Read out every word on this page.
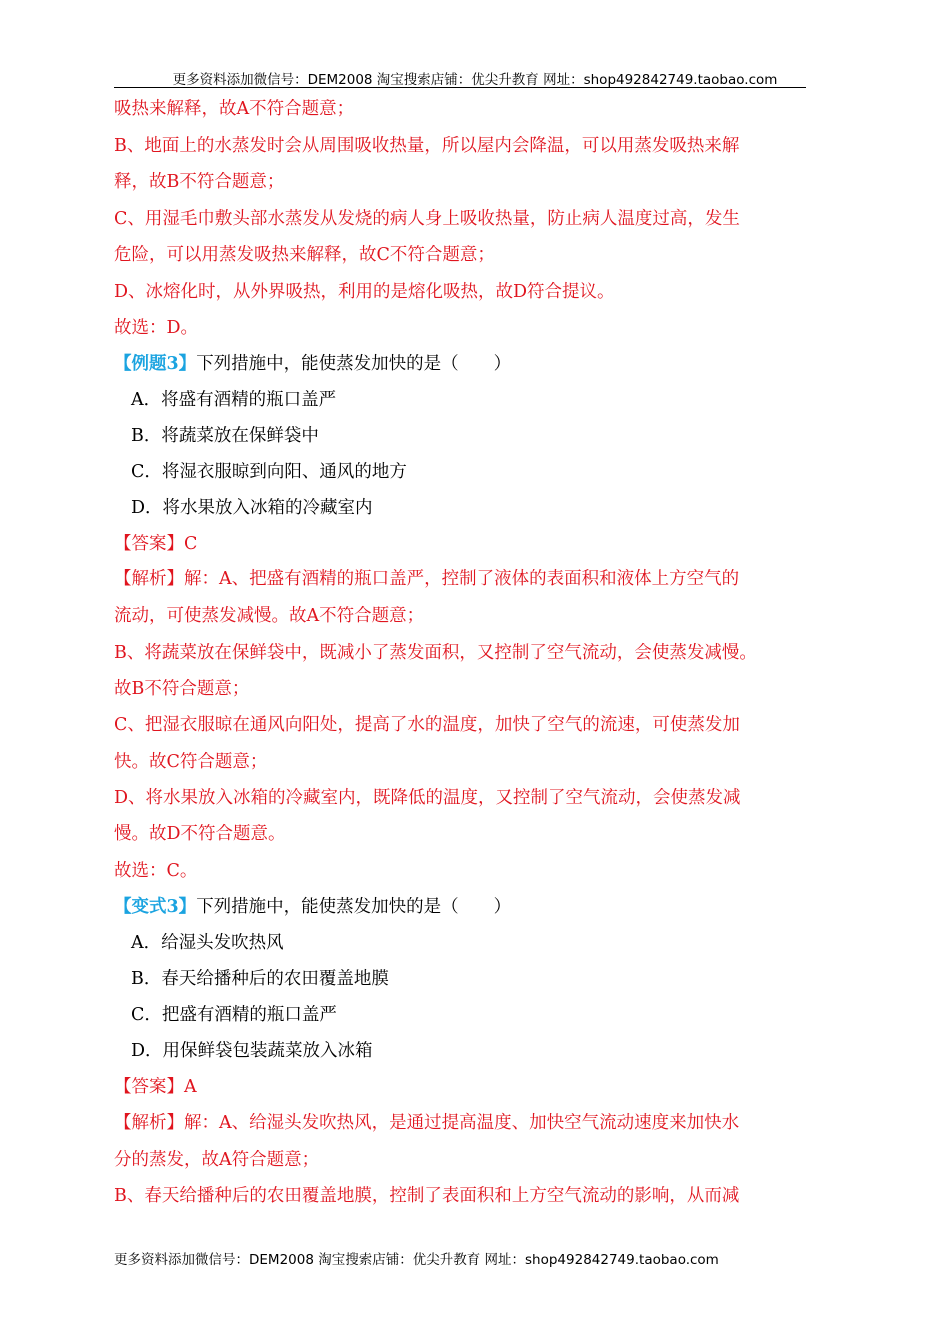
更多资料添加微信号：DEM2008 淘宝搜索店铺：优尖升教育 网址：shop492842749.taobao.com
吸热来解释，故A不符合题意；
B、地面上的水蒸发时会从周围吸收热量，所以屋内会降温，可以用蒸发吸热来解
释，故B不符合题意；
C、用湿毛巾敷头部水蒸发从发烧的病人身上吸收热量，防止病人温度过高，发生
危险，可以用蒸发吸热来解释，故C不符合题意；
D、冰熔化时，从外界吸热，利用的是熔化吸热，故D符合提议。
故选：D。
【例题3】下列措施中，能使蒸发加快的是（　　）
A．将盛有酒精的瓶口盖严
B．将蔬菜放在保鲜袋中
C．将湿衣服晾到向阳、通风的地方
D．将水果放入冰箱的冷藏室内
【答案】C
【解析】解：A、把盛有酒精的瓶口盖严，控制了液体的表面积和液体上方空气的
流动，可使蒸发减慢。故A不符合题意；
B、将蔬菜放在保鲜袋中，既减小了蒸发面积，又控制了空气流动，会使蒸发减慢。
故B不符合题意；
C、把湿衣服晾在通风向阳处，提高了水的温度，加快了空气的流速，可使蒸发加
快。故C符合题意；
D、将水果放入冰箱的冷藏室内，既降低的温度，又控制了空气流动，会使蒸发减
慢。故D不符合题意。
故选：C。
【变式3】下列措施中，能使蒸发加快的是（　　）
A．给湿头发吹热风
B．春天给播种后的农田覆盖地膜
C．把盛有酒精的瓶口盖严
D．用保鲜袋包装蔬菜放入冰箱
【答案】A
【解析】解：A、给湿头发吹热风，是通过提高温度、加快空气流动速度来加快水
分的蒸发，故A符合题意；
B、春天给播种后的农田覆盖地膜，控制了表面积和上方空气流动的影响，从而减
更多资料添加微信号：DEM2008 淘宝搜索店铺：优尖升教育 网址：shop492842749.taobao.com
